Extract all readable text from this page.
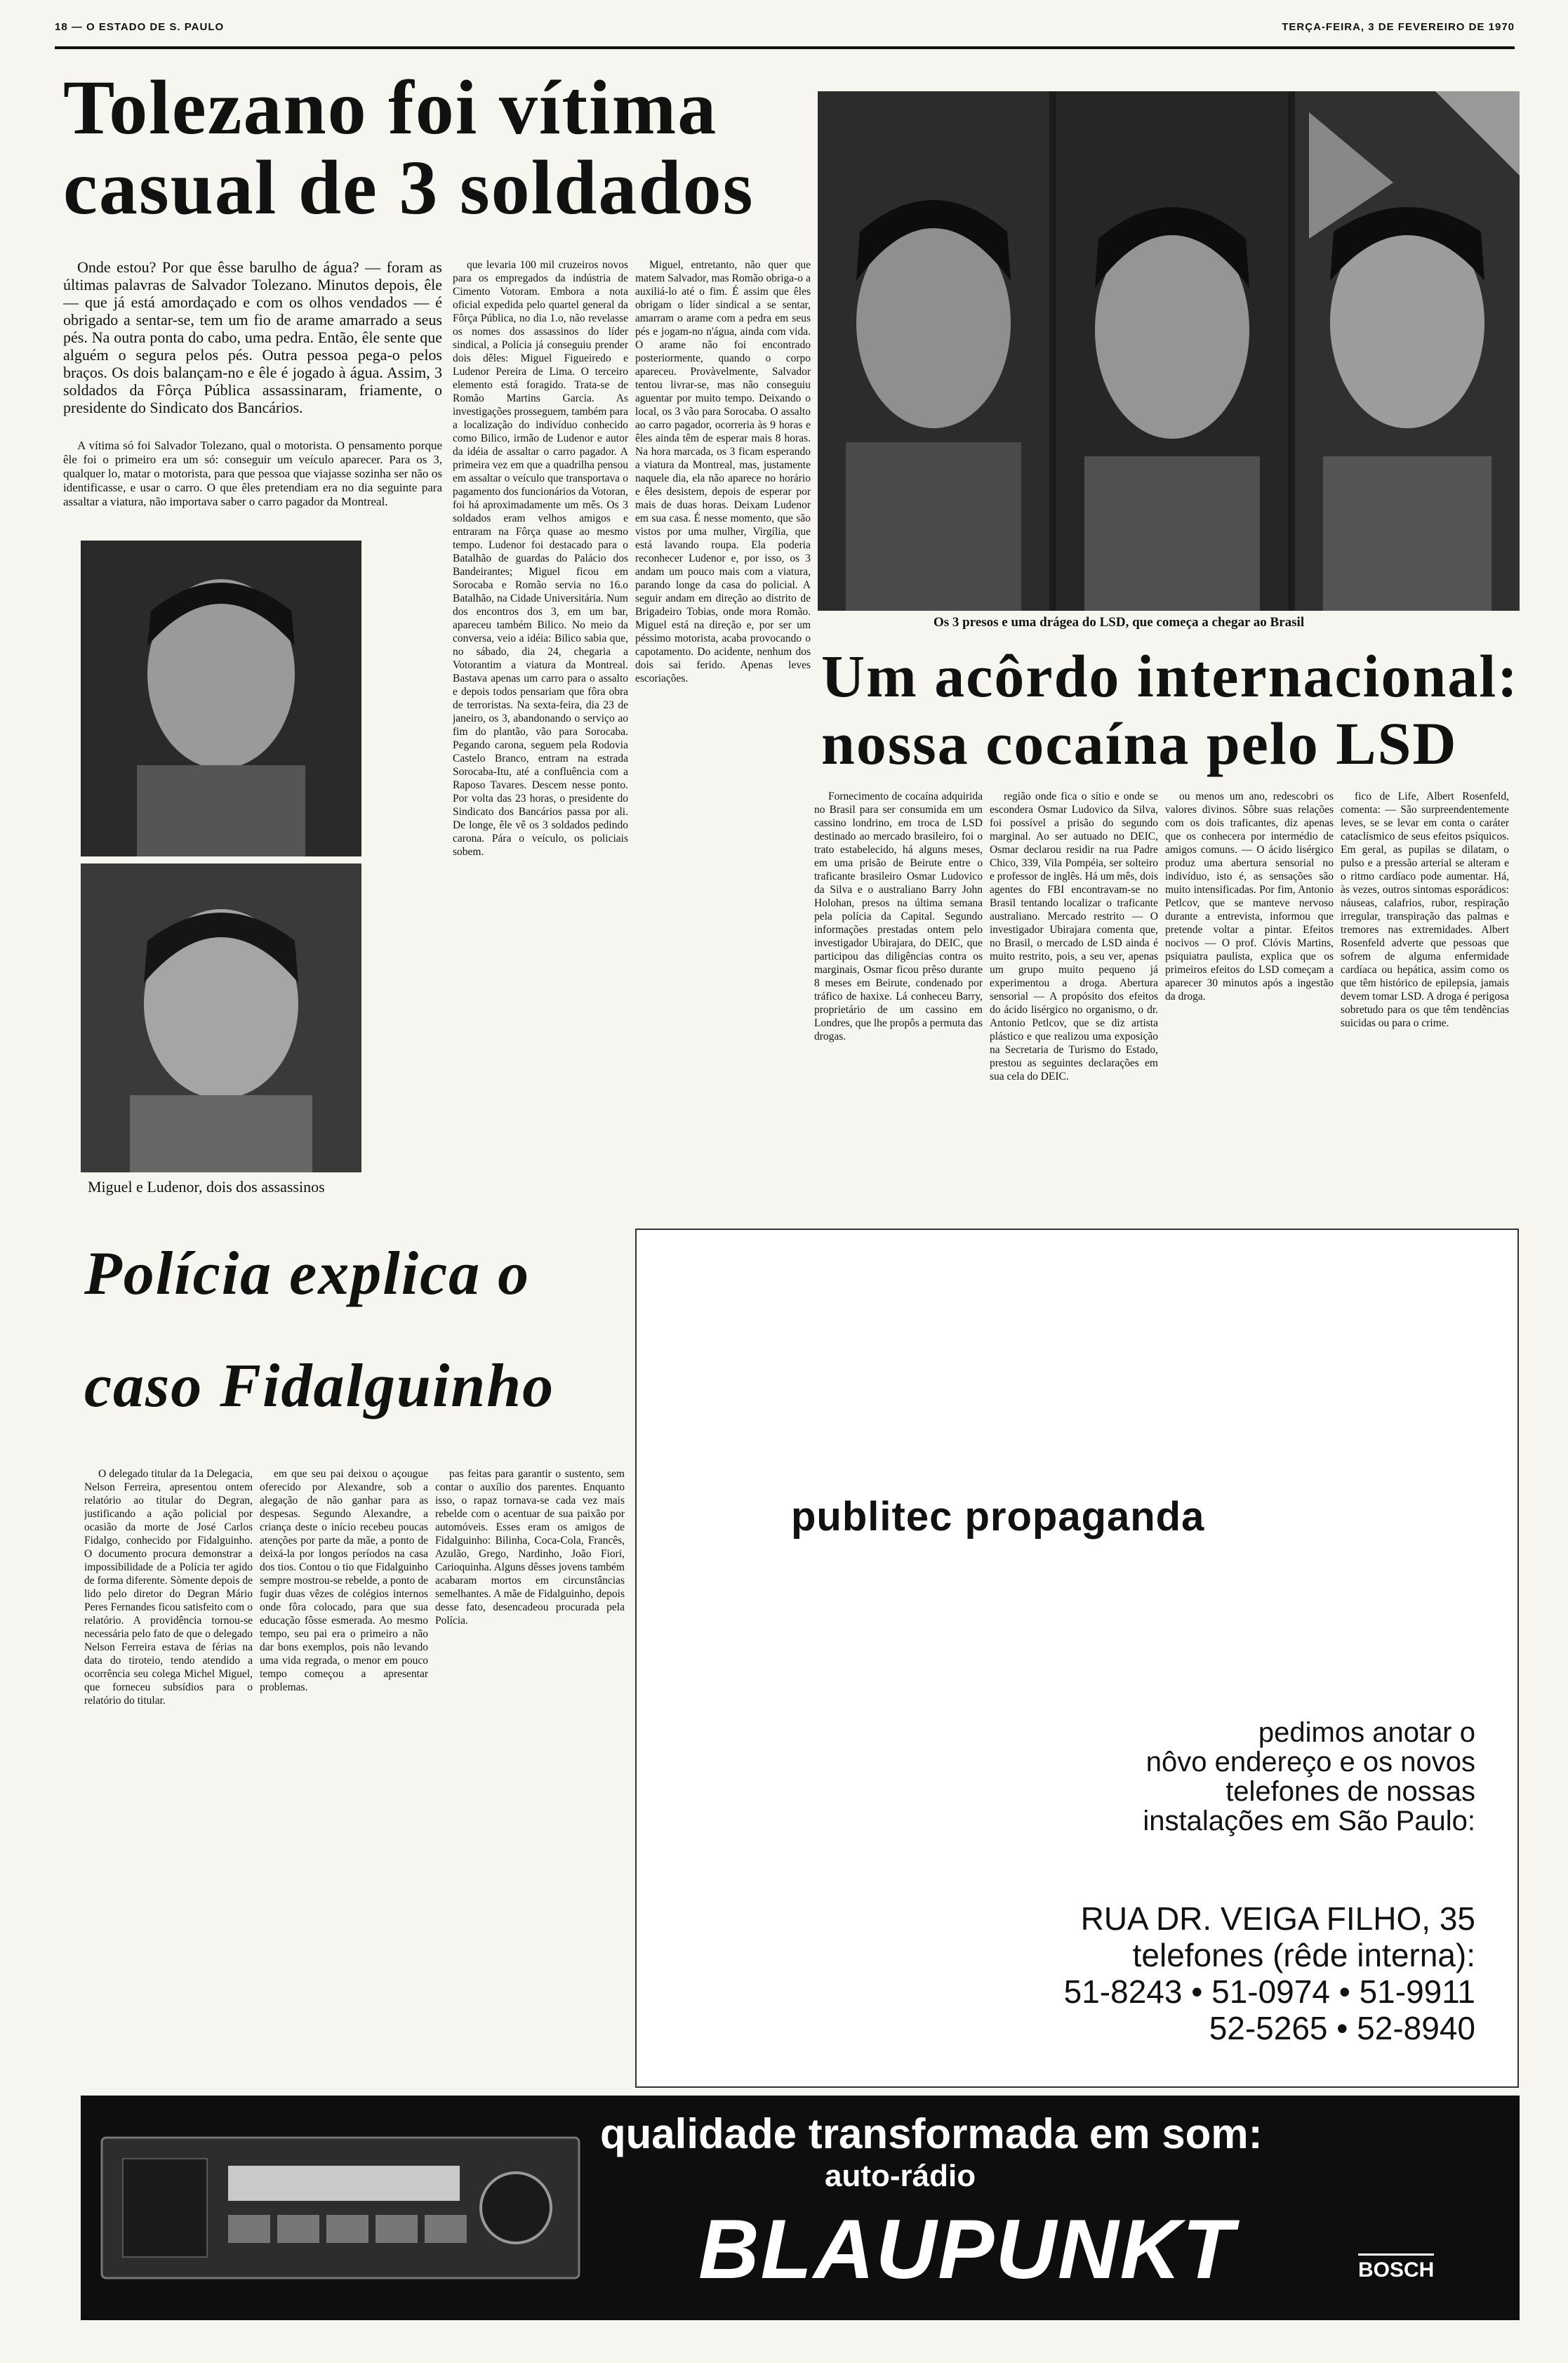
18 — O ESTADO DE S. PAULO	TERÇA-FEIRA, 3 DE FEVEREIRO DE 1970
Tolezano foi vítima casual de 3 soldados

Onde estou? Por que êsse barulho de água? — foram as últimas palavras de Salvador Tolezano. Minutos depois, êle — que já está amordaçado e com os olhos vendados — é obrigado a sentar-se, tem um fio de arame amarrado a seus pés. Na outra ponta do cabo, uma pedra. Então, êle sente que alguém o segura pelos pés. Outra pessoa pega-o pelos braços. Os dois balançam-no e êle é jogado à água. Assim, 3 soldados da Fôrça Pública assassinaram, friamente, o presidente do Sindicato dos Bancários.

A vítima só foi Salvador Tolezano, qual o motorista. O pensamento porque êle foi o primeiro era um só: conseguir um veículo aparecer. Para os 3, qualquer lo, matar o motorista, para que pessoa que viajasse sozinha ser não os identificasse, e usar o carro. O que êles pretendiam era no dia seguinte para assaltar a viatura, não importava saber o carro pagador da Montreal.

Miguel e Ludenor, dois dos assassinos

que levaria 100 mil cruzeiros novos para os empregados da indústria de Cimento Votoram. Embora a nota oficial expedida pelo quartel general da Fôrça Pública, no dia 1.o, não revelasse os nomes dos assassinos do líder sindical, a Polícia já conseguiu prender dois dêles: Miguel Figueiredo e Ludenor Pereira de Lima. O terceiro elemento está foragido. Trata-se de Romão Martins Garcia. As investigações prosseguem, também para a localização do indivíduo conhecido como Bilico, irmão de Ludenor e autor da idéia de assaltar o carro pagador. A primeira vez em que a quadrilha pensou em assaltar o veículo que transportava o pagamento dos funcionários da Votoran, foi há aproximadamente um mês. Os 3 soldados eram velhos amigos e entraram na Fôrça quase ao mesmo tempo. Ludenor foi destacado para o Batalhão de guardas do Palácio dos Bandeirantes; Miguel ficou em Sorocaba e Romão servia no 16.o Batalhão, na Cidade Universitária. Num dos encontros dos 3, em um bar, apareceu também Bilico. No meio da conversa, veio a idéia: Bilico sabia que, no sábado, dia 24, chegaria a Votorantim a viatura da Montreal. Bastava apenas um carro para o assalto e depois todos pensariam que fôra obra de terroristas. Na sexta-feira, dia 23 de janeiro, os 3, abandonando o serviço ao fim do plantão, vão para Sorocaba. Pegando carona, seguem pela Rodovia Castelo Branco, entram na estrada Sorocaba-Itu, até a confluência com a Raposo Tavares. Descem nesse ponto. Por volta das 23 horas, o presidente do Sindicato dos Bancários passa por ali. De longe, êle vê os 3 soldados pedindo carona. Pára o veículo, os policiais sobem.

Miguel, entretanto, não quer que matem Salvador, mas Romão obriga-o a auxiliá-lo até o fim. É assim que êles obrigam o líder sindical a se sentar, amarram o arame com a pedra em seus pés e jogam-no n'água, ainda com vida. O arame não foi encontrado posteriormente, quando o corpo apareceu. Provàvelmente, Salvador tentou livrar-se, mas não conseguiu aguentar por muito tempo. Deixando o local, os 3 vão para Sorocaba. O assalto ao carro pagador, ocorreria às 9 horas e êles ainda têm de esperar mais 8 horas. Na hora marcada, os 3 ficam esperando a viatura da Montreal, mas, justamente naquele dia, ela não aparece no horário e êles desistem, depois de esperar por mais de duas horas. Deixam Ludenor em sua casa. É nesse momento, que são vistos por uma mulher, Virgília, que está lavando roupa. Ela poderia reconhecer Ludenor e, por isso, os 3 andam um pouco mais com a viatura, parando longe da casa do policial. A seguir andam em direção ao distrito de Brigadeiro Tobias, onde mora Romão. Miguel está na direção e, por ser um péssimo motorista, acaba provocando o capotamento. Do acidente, nenhum dos dois sai ferido. Apenas leves escoriações.

Os 3 presos e uma drágea do LSD, que começa a chegar ao Brasil
Um acôrdo internacional: nossa cocaína pelo LSD

Fornecimento de cocaína adquirida no Brasil para ser consumida em um cassino londrino, em troca de LSD destinado ao mercado brasileiro, foi o trato estabelecido, há alguns meses, em uma prisão de Beirute entre o traficante brasileiro Osmar Ludovico da Silva e o australiano Barry John Holohan, presos na última semana pela polícia da Capital. Segundo informações prestadas ontem pelo investigador Ubirajara, do DEIC, que participou das diligências contra os marginais, Osmar ficou prêso durante 8 meses em Beirute, condenado por tráfico de haxixe. Lá conheceu Barry, proprietário de um cassino em Londres, que lhe propôs a permuta das drogas.

região onde fica o sítio e onde se escondera Osmar Ludovico da Silva, foi possível a prisão do segundo marginal. Ao ser autuado no DEIC, Osmar declarou residir na rua Padre Chico, 339, Vila Pompéia, ser solteiro e professor de inglês. Há um mês, dois agentes do FBI encontravam-se no Brasil tentando localizar o traficante australiano. Mercado restrito — O investigador Ubirajara comenta que, no Brasil, o mercado de LSD ainda é muito restrito, pois, a seu ver, apenas um grupo muito pequeno já experimentou a droga. Abertura sensorial — A propósito dos efeitos do ácido lisérgico no organismo, o dr. Antonio Petlcov, que se diz artista plástico e que realizou uma exposição na Secretaria de Turismo do Estado, prestou as seguintes declarações em sua cela do DEIC.

ou menos um ano, redescobri os valores divinos. Sôbre suas relações com os dois traficantes, diz apenas que os conhecera por intermédio de amigos comuns. — O ácido lisérgico produz uma abertura sensorial no indivíduo, isto é, as sensações são muito intensificadas. Por fim, Antonio Petlcov, que se manteve nervoso durante a entrevista, informou que pretende voltar a pintar. Efeitos nocivos — O prof. Clóvis Martins, psiquiatra paulista, explica que os primeiros efeitos do LSD começam a aparecer 30 minutos após a ingestão da droga.

fico de Life, Albert Rosenfeld, comenta: — São surpreendentemente leves, se se levar em conta o caráter cataclísmico de seus efeitos psíquicos. Em geral, as pupilas se dilatam, o pulso e a pressão arterial se alteram e o ritmo cardíaco pode aumentar. Há, às vezes, outros sintomas esporádicos: náuseas, calafrios, rubor, respiração irregular, transpiração das palmas e tremores nas extremidades. Albert Rosenfeld adverte que pessoas que sofrem de alguma enfermidade cardíaca ou hepática, assim como os que têm histórico de epilepsia, jamais devem tomar LSD. A droga é perigosa sobretudo para os que têm tendências suicidas ou para o crime.

Polícia explica o caso Fidalguinho

O delegado titular da 1a Delegacia, Nelson Ferreira, apresentou ontem relatório ao titular do Degran, justificando a ação policial por ocasião da morte de José Carlos Fidalgo, conhecido por Fidalguinho. O documento procura demonstrar a impossibilidade de a Polícia ter agido de forma diferente. Sòmente depois de lido pelo diretor do Degran Mário Peres Fernandes ficou satisfeito com o relatório. A providência tornou-se necessária pelo fato de que o delegado Nelson Ferreira estava de férias na data do tiroteio, tendo atendido a ocorrência seu colega Michel Miguel, que forneceu subsídios para o relatório do titular.

em que seu pai deixou o açougue oferecido por Alexandre, sob a alegação de não ganhar para as despesas. Segundo Alexandre, a criança deste o início recebeu poucas atenções por parte da mãe, a ponto de deixá-la por longos períodos na casa dos tios. Contou o tio que Fidalguinho sempre mostrou-se rebelde, a ponto de fugir duas vêzes de colégios internos onde fôra colocado, para que sua educação fôsse esmerada. Ao mesmo tempo, seu pai era o primeiro a não dar bons exemplos, pois não levando uma vida regrada, o menor em pouco tempo começou a apresentar problemas.

pas feitas para garantir o sustento, sem contar o auxílio dos parentes. Enquanto isso, o rapaz tornava-se cada vez mais rebelde com o acentuar de sua paixão por automóveis. Esses eram os amigos de Fidalguinho: Bilinha, Coca-Cola, Francês, Azulão, Grego, Nardinho, João Fiori, Carioquinha. Alguns dêsses jovens também acabaram mortos em circunstâncias semelhantes. A mãe de Fidalguinho, depois desse fato, desencadeou procurada pela Polícia.

publitec propaganda
pedimos anotar o
nôvo endereço e os novos
telefones de nossas
instalações em São Paulo:
RUA DR. VEIGA FILHO, 35
telefones (rêde interna):
51-8243 • 51-0974 • 51-9911
52-5265 • 52-8940
qualidade transformada em som:
auto-rádio
BLAUPUNKT	BOSCH
